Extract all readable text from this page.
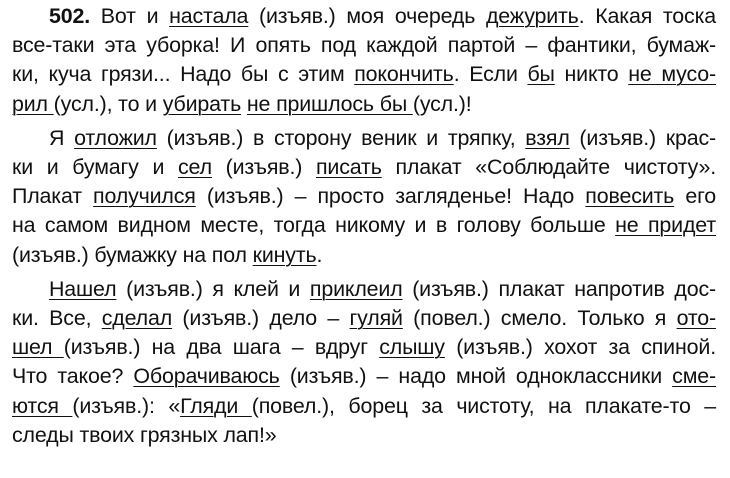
502. Вот и настала (изъяв.) моя очередь дежурить. Какая тоска
все-таки эта уборка! И опять под каждой партой – фантики, бумаж-
ки, куча грязи... Надо бы с этим покончить. Если бы никто не мусо-
рил (усл.), то и убирать не пришлось бы (усл.)!
Я отложил (изъяв.) в сторону веник и тряпку, взял (изъяв.) крас-
ки и бумагу и сел (изъяв.) писать плакат «Соблюдайте чистоту».
Плакат получился (изъяв.) – просто загляденье! Надо повесить его
на самом видном месте, тогда никому и в голову больше не придет
(изъяв.) бумажку на пол кинуть.
Нашел (изъяв.) я клей и приклеил (изъяв.) плакат напротив дос-
ки. Все, сделал (изъяв.) дело – гуляй (повел.) смело. Только я ото-
шел (изъяв.) на два шага – вдруг слышу (изъяв.) хохот за спиной.
Что такое? Оборачиваюсь (изъяв.) – надо мной одноклассники сме-
ются (изъяв.): «Гляди (повел.), борец за чистоту, на плакате-то –
следы твоих грязных лап!»
